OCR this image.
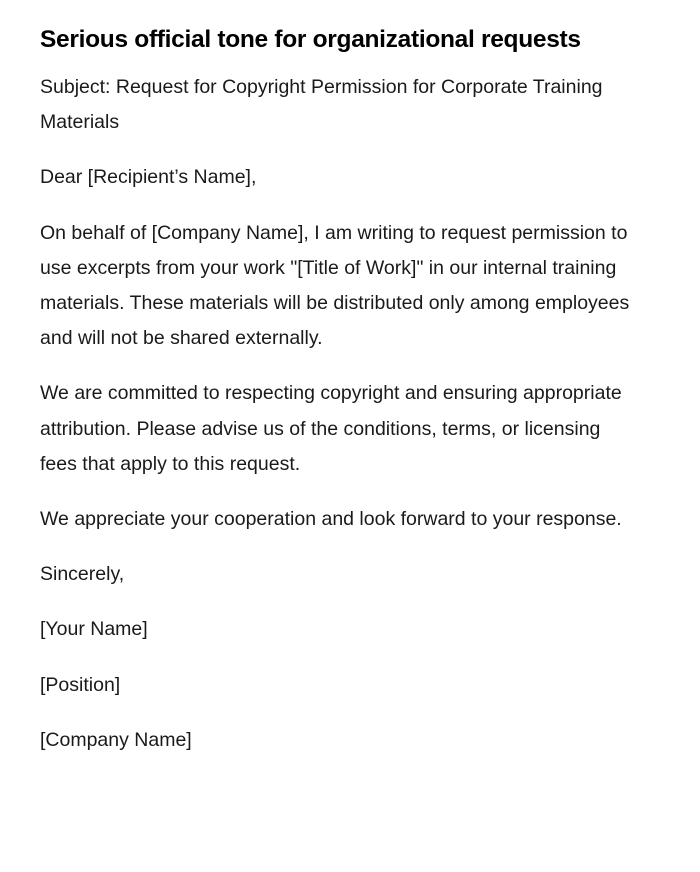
Serious official tone for organizational requests

Subject: Request for Copyright Permission for Corporate Training Materials

Dear [Recipient’s Name],

On behalf of [Company Name], I am writing to request permission to use excerpts from your work "[Title of Work]" in our internal training materials. These materials will be distributed only among employees and will not be shared externally.

We are committed to respecting copyright and ensuring appropriate attribution. Please advise us of the conditions, terms, or licensing fees that apply to this request.

We appreciate your cooperation and look forward to your response.

Sincerely,

[Your Name]

[Position]

[Company Name]
